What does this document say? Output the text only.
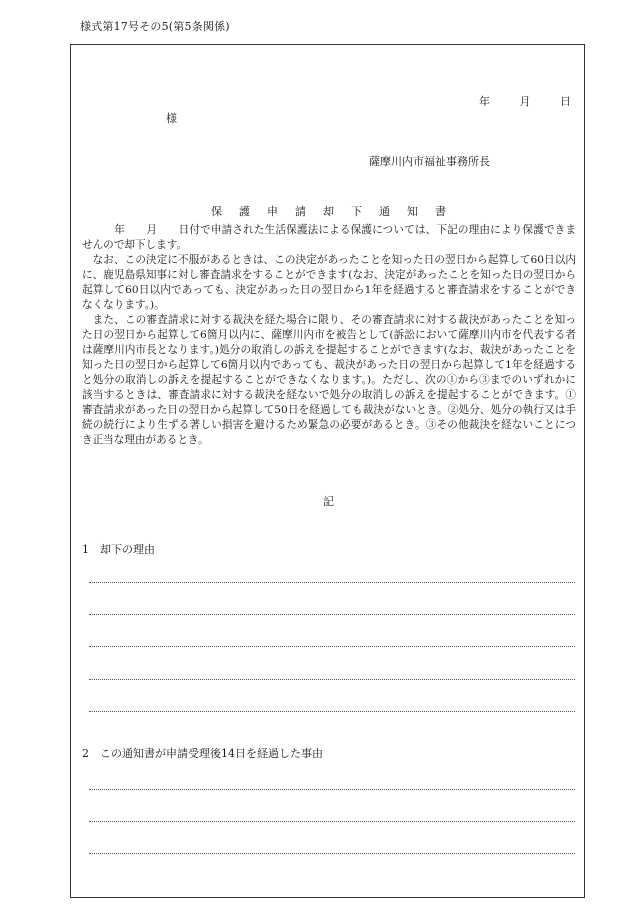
様式第17号その5(第5条関係)
年	月	日
様
薩摩川内市福祉事務所長
保護申請却下通知書

　　年　　月　　日付で申請された生活保護法による保護については、下記の理由により保護できませんので却下します。

なお、この決定に不服があるときは、この決定があったことを知った日の翌日から起算して60日以内に、鹿児島県知事に対し審査請求をすることができます(なお、決定があったことを知った日の翌日から起算して60日以内であっても、決定があった日の翌日から1年を経過すると審査請求をすることができなくなります。)。

また、この審査請求に対する裁決を経た場合に限り、その審査請求に対する裁決があったことを知った日の翌日から起算して6箇月以内に、薩摩川内市を被告として(訴訟において薩摩川内市を代表する者は薩摩川内市長となります。)処分の取消しの訴えを提起することができます(なお、裁決があったことを知った日の翌日から起算して6箇月以内であっても、裁決があった日の翌日から起算して1年を経過すると処分の取消しの訴えを提起することができなくなります。)。ただし、次の①から③までのいずれかに該当するときは、審査請求に対する裁決を経ないで処分の取消しの訴えを提起することができます。①審査請求があった日の翌日から起算して50日を経過しても裁決がないとき。②処分、処分の執行又は手続の続行により生ずる著しい損害を避けるため緊急の必要があるとき。③その他裁決を経ないことにつき正当な理由があるとき。

記
1　却下の理由
2　この通知書が申請受理後14日を経過した事由
